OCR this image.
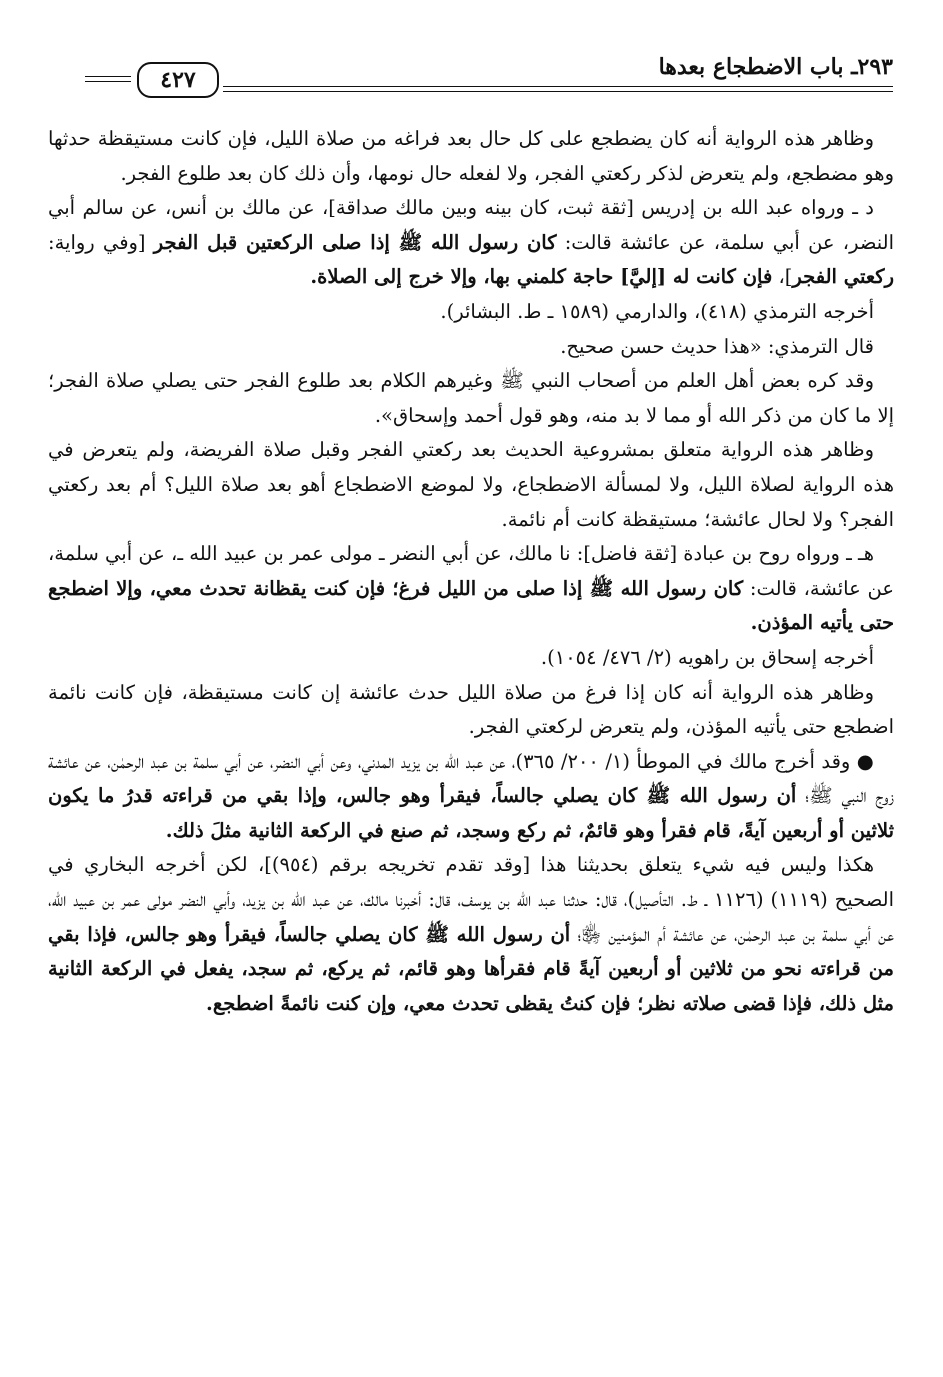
٢٩٣ـ باب الاضطجاع بعدها
٤٢٧

وظاهر هذه الرواية أنه كان يضطجع على كل حال بعد فراغه من صلاة الليل، فإن كانت مستيقظة حدثها وهو مضطجع، ولم يتعرض لذكر ركعتي الفجر، ولا لفعله حال نومها، وأن ذلك كان بعد طلوع الفجر.

د ـ ورواه عبد الله بن إدريس [ثقة ثبت، كان بينه وبين مالك صداقة]، عن مالك بن أنس، عن سالم أبي النضر، عن أبي سلمة، عن عائشة قالت: كان رسول الله ﷺ إذا صلى الركعتين قبل الفجر [وفي رواية: ركعتي الفجر]، فإن كانت له [إليَّ] حاجة كلمني بها، وإلا خرج إلى الصلاة.

أخرجه الترمذي (٤١٨)، والدارمي (١٥٨٩ ـ ط. البشائر).

قال الترمذي: «هذا حديث حسن صحيح.

وقد كره بعض أهل العلم من أصحاب النبي ﷺ وغيرهم الكلام بعد طلوع الفجر حتى يصلي صلاة الفجر؛ إلا ما كان من ذكر الله أو مما لا بد منه، وهو قول أحمد وإسحاق».

وظاهر هذه الرواية متعلق بمشروعية الحديث بعد ركعتي الفجر وقبل صلاة الفريضة، ولم يتعرض في هذه الرواية لصلاة الليل، ولا لمسألة الاضطجاع، ولا لموضع الاضطجاع أهو بعد صلاة الليل؟ أم بعد ركعتي الفجر؟ ولا لحال عائشة؛ مستيقظة كانت أم نائمة.

هـ ـ ورواه روح بن عبادة [ثقة فاضل]: نا مالك، عن أبي النضر ـ مولى عمر بن عبيد الله ـ، عن أبي سلمة، عن عائشة، قالت: كان رسول الله ﷺ إذا صلى من الليل فرغ؛ فإن كنت يقظانة تحدث معي، وإلا اضطجع حتى يأتيه المؤذن.

أخرجه إسحاق بن راهويه (٢/ ٤٧٦/ ١٠٥٤).

وظاهر هذه الرواية أنه كان إذا فرغ من صلاة الليل حدث عائشة إن كانت مستيقظة، فإن كانت نائمة اضطجع حتى يأتيه المؤذن، ولم يتعرض لركعتي الفجر.

● وقد أخرج مالك في الموطأ (١/ ٢٠٠/ ٣٦٥)، عن عبد الله بن يزيد المدني، وعن أبي النضر، عن أبي سلمة بن عبد الرحمٰن، عن عائشة زوج النبي ﷺ؛ أن رسول الله ﷺ كان يصلي جالساً، فيقرأ وهو جالس، وإذا بقي من قراءته قدرُ ما يكون ثلاثين أو أربعين آيةً، قام فقرأ وهو قائمٌ، ثم ركع وسجد، ثم صنع في الركعة الثانية مثلَ ذلك.

هكذا وليس فيه شيء يتعلق بحديثنا هذا [وقد تقدم تخريجه برقم (٩٥٤)]، لكن أخرجه البخاري في الصحيح (١١١٩) (١١٢٦ ـ ط. التأصيل)، قال: حدثنا عبد الله بن يوسف، قال: أخبرنا مالك، عن عبد الله بن يزيد، وأبي النضر مولى عمر بن عبيد الله، عن أبي سلمة بن عبد الرحمٰن، عن عائشة أم المؤمنين ﵂؛ أن رسول الله ﷺ كان يصلي جالساً، فيقرأ وهو جالس، فإذا بقي من قراءته نحو من ثلاثين أو أربعين آيةً قام فقرأها وهو قائم، ثم يركع، ثم سجد، يفعل في الركعة الثانية مثل ذلك، فإذا قضى صلاته نظر؛ فإن كنتُ يقظى تحدث معي، وإن كنت نائمةً اضطجع.
